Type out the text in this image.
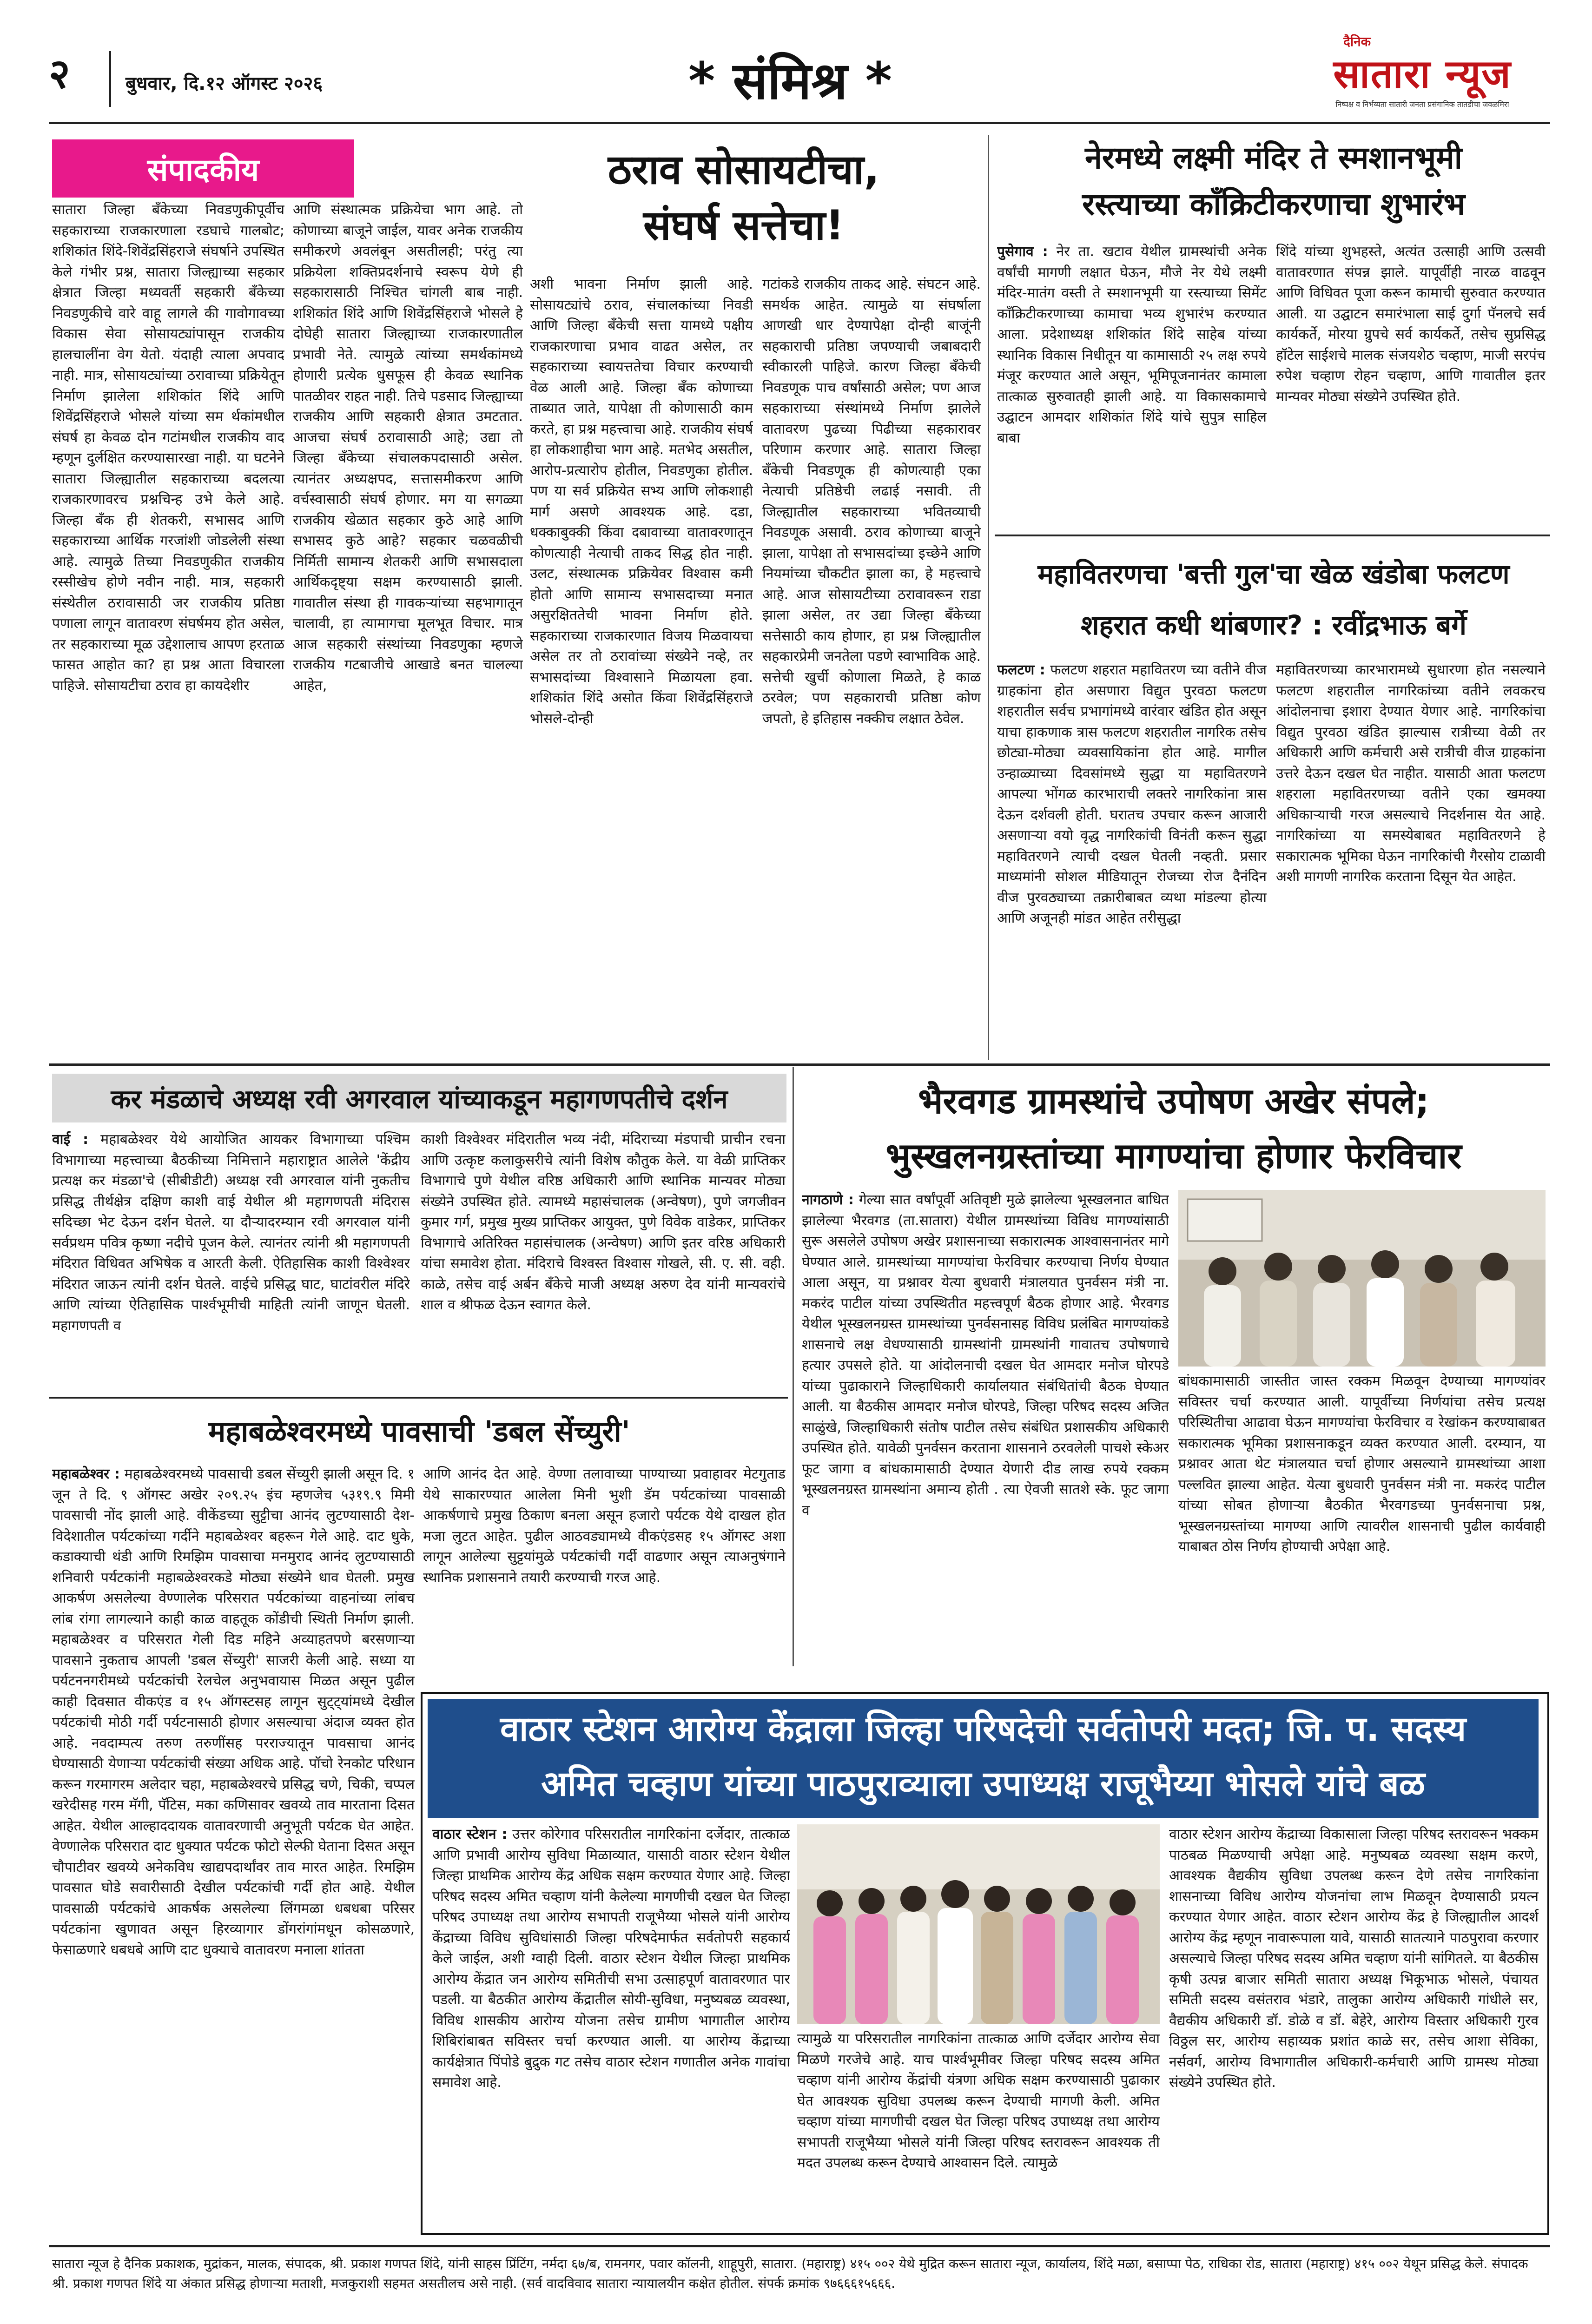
२	बुधवार, दि.१२ ऑगस्ट २०२६	* संमिश्र *
दैनिक
सातारा न्यूज
निष्पक्ष व निर्भय्यता सातारी जनता प्रसंगानिक तातडीचा जवळमिरा
संपादकीय	ठराव सोसायटीचा,
संघर्ष सत्तेचा!
सातारा जिल्हा बँकेच्या निवडणुकीपूर्वीच सहकाराच्या राजकारणाला रडघाचे गालबोट; शशिकांत शिंदे-शिवेंद्रसिंहराजे संघर्षाने उपस्थित केले गंभीर प्रश्न, सातारा जिल्ह्याच्या सहकार क्षेत्रात जिल्हा मध्यवर्ती सहकारी बँकेच्या निवडणुकीचे वारे वाहू लागले की गावोगावच्या विकास सेवा सोसायट्यांपासून राजकीय हालचालींना वेग येतो. यंदाही त्याला अपवाद नाही. मात्र, सोसायट्यांच्या ठरावाच्या प्रक्रियेतून निर्माण झालेला शशिकांत शिंदे आणि शिवेंद्रसिंहराजे भोसले यांच्या सम र्थकांमधील संघर्ष हा केवळ दोन गटांमधील राजकीय वाद म्हणून दुर्लक्षित करण्यासारखा नाही. या घटनेने सातारा जिल्ह्यातील सहकाराच्या बदलत्या राजकारणावरच प्रश्नचिन्ह उभे केले आहे. जिल्हा बँक ही शेतकरी, सभासद आणि सहकाराच्या आर्थिक गरजांशी जोडलेली संस्था आहे. त्यामुळे तिच्या निवडणुकीत राजकीय रस्सीखेच होणे नवीन नाही. मात्र, सहकारी संस्थेतील ठरावासाठी जर राजकीय प्रतिष्ठा पणाला लागून वातावरण संघर्षमय होत असेल, तर सहकाराच्या मूळ उद्देशालाच आपण हरताळ फासत आहोत का? हा प्रश्न आता विचारला पाहिजे. सोसायटीचा ठराव हा कायदेशीर
आणि संस्थात्मक प्रक्रियेचा भाग आहे. तो कोणाच्या बाजूने जाईल, यावर अनेक राजकीय समीकरणे अवलंबून असतीलही; परंतु त्या प्रक्रियेला शक्तिप्रदर्शनाचे स्वरूप येणे ही सहकारासाठी निश्चित चांगली बाब नाही. शशिकांत शिंदे आणि शिवेंद्रसिंहराजे भोसले हे दोघेही सातारा जिल्ह्याच्या राजकारणातील प्रभावी नेते. त्यामुळे त्यांच्या समर्थकांमध्ये होणारी प्रत्येक धुसफूस ही केवळ स्थानिक पातळीवर राहत नाही. तिचे पडसाद जिल्ह्याच्या राजकीय आणि सहकारी क्षेत्रात उमटतात. आजचा संघर्ष ठरावासाठी आहे; उद्या तो जिल्हा बँकेच्या संचालकपदासाठी असेल. त्यानंतर अध्यक्षपद, सत्तासमीकरण आणि वर्चस्वासाठी संघर्ष होणार. मग या सगळ्या राजकीय खेळात सहकार कुठे आहे आणि सभासद कुठे आहे? सहकार चळवळीची निर्मिती सामान्य शेतकरी आणि सभासदाला आर्थिकदृष्ट्या सक्षम करण्यासाठी झाली. गावातील संस्था ही गावकऱ्यांच्या सहभागातून चालावी, हा त्यामागचा मूलभूत विचार. मात्र आज सहकारी संस्थांच्या निवडणुका म्हणजे राजकीय गटबाजीचे आखाडे बनत चालल्या आहेत,
अशी भावना निर्माण झाली आहे. सोसायट्यांचे ठराव, संचालकांच्या निवडी आणि जिल्हा बँकेची सत्ता यामध्ये पक्षीय राजकारणाचा प्रभाव वाढत असेल, तर सहकाराच्या स्वायत्ततेचा विचार करण्याची वेळ आली आहे. जिल्हा बँक कोणाच्या ताब्यात जाते, यापेक्षा ती कोणासाठी काम करते, हा प्रश्न महत्त्वाचा आहे. राजकीय संघर्ष हा लोकशाहीचा भाग आहे. मतभेद असतील, आरोप-प्रत्यारोप होतील, निवडणुका होतील. पण या सर्व प्रक्रियेत सभ्य आणि लोकशाही मार्ग असणे आवश्यक आहे. दडा, धक्काबुक्की किंवा दबावाच्या वातावरणातून कोणत्याही नेत्याची ताकद सिद्ध होत नाही. उलट, संस्थात्मक प्रक्रियेवर विश्वास कमी होतो आणि सामान्य सभासदाच्या मनात असुरक्षिततेची भावना निर्माण होते. सहकाराच्या राजकारणात विजय मिळवायचा असेल तर तो ठरावांच्या संख्येने नव्हे, तर सभासदांच्या विश्वासाने मिळायला हवा. शशिकांत शिंदे असोत किंवा शिवेंद्रसिंहराजे भोसले-दोन्ही
गटांकडे राजकीय ताकद आहे. संघटन आहे. समर्थक आहेत. त्यामुळे या संघर्षाला आणखी धार देण्यापेक्षा दोन्ही बाजूंनी सहकाराची प्रतिष्ठा जपण्याची जबाबदारी स्वीकारली पाहिजे. कारण जिल्हा बँकेची निवडणूक पाच वर्षांसाठी असेल; पण आज सहकाराच्या संस्थांमध्ये निर्माण झालेले वातावरण पुढच्या पिढीच्या सहकारावर परिणाम करणार आहे. सातारा जिल्हा बँकेची निवडणूक ही कोणत्याही एका नेत्याची प्रतिष्ठेची लढाई नसावी. ती जिल्ह्यातील सहकाराच्या भवितव्याची निवडणूक असावी. ठराव कोणाच्या बाजूने झाला, यापेक्षा तो सभासदांच्या इच्छेने आणि नियमांच्या चौकटीत झाला का, हे महत्त्वाचे आहे. आज सोसायटीच्या ठरावावरून राडा झाला असेल, तर उद्या जिल्हा बँकेच्या सत्तेसाठी काय होणार, हा प्रश्न जिल्ह्यातील सहकारप्रेमी जनतेला पडणे स्वाभाविक आहे. सत्तेची खुर्ची कोणाला मिळते, हे काळ ठरवेल; पण सहकाराची प्रतिष्ठा कोण जपतो, हे इतिहास नक्कीच लक्षात ठेवेल.
नेरमध्ये लक्ष्मी मंदिर ते स्मशानभूमी
रस्त्याच्या काँक्रिटीकरणाचा शुभारंभ
पुसेगाव : नेर ता. खटाव येथील ग्रामस्थांची अनेक वर्षांची मागणी लक्षात घेऊन, मौजे नेर येथे लक्ष्मी मंदिर-मातंग वस्ती ते स्मशानभूमी या रस्त्याच्या सिमेंट काँक्रिटीकरणाच्या कामाचा भव्य शुभारंभ करण्यात आला. प्रदेशाध्यक्ष शशिकांत शिंदे साहेब यांच्या स्थानिक विकास निधीतून या कामासाठी २५ लक्ष रुपये मंजूर करण्यात आले असून, भूमिपूजनानंतर कामाला तात्काळ सुरुवातही झाली आहे. या विकासकामाचे उद्घाटन आमदार शशिकांत शिंदे यांचे सुपुत्र साहिल बाबा
शिंदे यांच्या शुभहस्ते, अत्यंत उत्साही आणि उत्सवी वातावरणात संपन्न झाले. यापूर्वीही नारळ वाढवून आणि विधिवत पूजा करून कामाची सुरुवात करण्यात आली. या उद्घाटन समारंभाला साई दुर्गा पॅनलचे सर्व कार्यकर्ते, मोरया ग्रुपचे सर्व कार्यकर्ते, तसेच सुप्रसिद्ध हॉटेल साईशचे मालक संजयशेठ चव्हाण, माजी सरपंच रुपेश चव्हाण रोहन चव्हाण, आणि गावातील इतर मान्यवर मोठ्या संख्येने उपस्थित होते.
महावितरणचा 'बत्ती गुल'चा खेळ खंडोबा फलटण
शहरात कधी थांबणार? : रवींद्रभाऊ बर्गे
फलटण : फलटण शहरात महावितरण च्या वतीने वीज ग्राहकांना होत असणारा विद्युत पुरवठा फलटण शहरातील सर्वच प्रभागांमध्ये वारंवार खंडित होत असून याचा हाकणाक त्रास फलटण शहरातील नागरिक तसेच छोट्या-मोठ्या व्यवसायिकांना होत आहे. मागील उन्हाळ्याच्या दिवसांमध्ये सुद्धा या महावितरणने आपल्या भोंगळ कारभाराची लक्तरे नागरिकांना त्रास देऊन दर्शवली होती. घरातच उपचार करून आजारी असणाऱ्या वयो वृद्ध नागरिकांची विनंती करून सुद्धा महावितरणने त्याची दखल घेतली नव्हती. प्रसार माध्यमांनी सोशल मीडियातून रोजच्या रोज दैनंदिन वीज पुरवठ्याच्या तक्रारीबाबत व्यथा मांडल्या होत्या आणि अजूनही मांडत आहेत तरीसुद्धा
महावितरणच्या कारभारामध्ये सुधारणा होत नसल्याने फलटण शहरातील नागरिकांच्या वतीने लवकरच आंदोलनाचा इशारा देण्यात येणार आहे. नागरिकांचा विद्युत पुरवठा खंडित झाल्यास रात्रीच्या वेळी तर अधिकारी आणि कर्मचारी असे रात्रीची वीज ग्राहकांना उत्तरे देऊन दखल घेत नाहीत. यासाठी आता फलटण शहराला महावितरणच्या वतीने एका खमक्या अधिकाऱ्याची गरज असल्याचे निदर्शनास येत आहे. नागरिकांच्या या समस्येबाबत महावितरणने हे सकारात्मक भूमिका घेऊन नागरिकांची गैरसोय टाळावी अशी मागणी नागरिक करताना दिसून येत आहेत.
कर मंडळाचे अध्यक्ष रवी अगरवाल यांच्याकडून महागणपतीचे दर्शन
वाई : महाबळेश्वर येथे आयोजित आयकर विभागाच्या पश्चिम विभागाच्या महत्त्वाच्या बैठकीच्या निमित्ताने महाराष्ट्रात आलेले 'केंद्रीय प्रत्यक्ष कर मंडळा'चे (सीबीडीटी) अध्यक्ष रवी अगरवाल यांनी नुकतीच प्रसिद्ध तीर्थक्षेत्र दक्षिण काशी वाई येथील श्री महागणपती मंदिरास सदिच्छा भेट देऊन दर्शन घेतले. या दौऱ्यादरम्यान रवी अगरवाल यांनी सर्वप्रथम पवित्र कृष्णा नदीचे पूजन केले. त्यानंतर त्यांनी श्री महागणपती मंदिरात विधिवत अभिषेक व आरती केली. ऐतिहासिक काशी विश्वेश्वर मंदिरात जाऊन त्यांनी दर्शन घेतले. वाईचे प्रसिद्ध घाट, घाटांवरील मंदिरे आणि त्यांच्या ऐतिहासिक पार्श्वभूमीची माहिती त्यांनी जाणून घेतली. महागणपती व
काशी विश्वेश्वर मंदिरातील भव्य नंदी, मंदिराच्या मंडपाची प्राचीन रचना आणि उत्कृष्ट कलाकुसरीचे त्यांनी विशेष कौतुक केले. या वेळी प्राप्तिकर विभागाचे पुणे येथील वरिष्ठ अधिकारी आणि स्थानिक मान्यवर मोठ्या संख्येने उपस्थित होते. त्यामध्ये महासंचालक (अन्वेषण), पुणे जगजीवन कुमार गर्ग, प्रमुख मुख्य प्राप्तिकर आयुक्त, पुणे विवेक वाडेकर, प्राप्तिकर विभागाचे अतिरिक्त महासंचालक (अन्वेषण) आणि इतर वरिष्ठ अधिकारी यांचा समावेश होता. मंदिराचे विश्वस्त विश्वास गोखले, सी. ए. सी. वही. काळे, तसेच वाई अर्बन बँकेचे माजी अध्यक्ष अरुण देव यांनी मान्यवरांचे शाल व श्रीफळ देऊन स्वागत केले.
महाबळेश्वरमध्ये पावसाची 'डबल सेंच्युरी'
महाबळेश्वर : महाबळेश्वरमध्ये पावसाची डबल सेंच्युरी झाली असून दि. १ जून ते दि. ९ ऑगस्ट अखेर २०९.२५ इंच म्हणजेच ५३१९.९ मिमी पावसाची नोंद झाली आहे. वीकेंडच्या सुट्टीचा आनंद लुटण्यासाठी देश-विदेशातील पर्यटकांच्या गर्दीने महाबळेश्वर बहरून गेले आहे. दाट धुके, कडाक्याची थंडी आणि रिमझिम पावसाचा मनमुराद आनंद लुटण्यासाठी शनिवारी पर्यटकांनी महाबळेश्वरकडे मोठ्या संख्येने धाव घेतली. प्रमुख आकर्षण असलेल्या वेण्णालेक परिसरात पर्यटकांच्या वाहनांच्या लांबच लांब रांगा लागल्याने काही काळ वाहतूक कोंडीची स्थिती निर्माण झाली. महाबळेश्वर व परिसरात गेली दिड महिने अव्याहतपणे बरसणाऱ्या पावसाने नुकताच आपली 'डबल सेंच्युरी' साजरी केली आहे. सध्या या पर्यटननगरीमध्ये पर्यटकांची रेलचेल अनुभवायास मिळत असून पुढील काही दिवसात वीकएंड व १५ ऑगस्टसह लागून सुट्ट्यांमध्ये देखील पर्यटकांची मोठी गर्दी पर्यटनासाठी होणार असल्याचा अंदाज व्यक्त होत आहे. नवदाम्पत्य तरुण तरुणींसह परराज्यातून पावसाचा आनंद घेण्यासाठी येणाऱ्या पर्यटकांची संख्या अधिक आहे. पॉचो रेनकोट परिधान करून गरमागरम अलेदार चहा, महाबळेश्वरचे प्रसिद्ध चणे, चिकी, चप्पल खरेदीसह गरम मॅगी, पॅटिस, मका कणिसावर खवय्ये ताव मारताना दिसत आहेत. येथील आल्हाददायक वातावरणाची अनुभूती पर्यटक घेत आहेत. वेण्णालेक परिसरात दाट धुक्यात पर्यटक फोटो सेल्फी घेताना दिसत असून चौपाटीवर खवय्ये अनेकविध खाद्यपदार्थांवर ताव मारत आहेत. रिमझिम पावसात घोडे सवारीसाठी देखील पर्यटकांची गर्दी होत आहे. येथील पावसाळी पर्यटकांचे आकर्षक असलेल्या लिंगमळा धबधबा परिसर पर्यटकांना खुणावत असून हिरव्यागार डोंगरांगांमधून कोसळणारे, फेसाळणारे धबधबे आणि दाट धुक्याचे वातावरण मनाला शांतता
आणि आनंद देत आहे. वेण्णा तलावाच्या पाण्याच्या प्रवाहावर मेटगुताड येथे साकारण्यात आलेला मिनी भुशी डॅम पर्यटकांच्या पावसाळी आकर्षणाचे प्रमुख ठिकाण बनला असून हजारो पर्यटक येथे दाखल होत मजा लुटत आहेत. पुढील आठवड्यामध्ये वीकएंडसह १५ ऑगस्ट अशा लागून आलेल्या सुट्टयांमुळे पर्यटकांची गर्दी वाढणार असून त्याअनुषंगाने स्थानिक प्रशासनाने तयारी करण्याची गरज आहे.
भैरवगड ग्रामस्थांचे उपोषण अखेर संपले;
भुस्खलनग्रस्तांच्या मागण्यांचा होणार फेरविचार
नागठाणे : गेल्या सात वर्षांपूर्वी अतिवृष्टी मुळे झालेल्या भूस्खलनात बाधित झालेल्या भैरवगड (ता.सातारा) येथील ग्रामस्थांच्या विविध मागण्यांसाठी सुरू असलेले उपोषण अखेर प्रशासनाच्या सकारात्मक आश्वासनानंतर मागे घेण्यात आले. ग्रामस्थांच्या मागण्यांचा फेरविचार करण्याचा निर्णय घेण्यात आला असून, या प्रश्नावर येत्या बुधवारी मंत्रालयात पुनर्वसन मंत्री ना. मकरंद पाटील यांच्या उपस्थितीत महत्त्वपूर्ण बैठक होणार आहे. भैरवगड येथील भूस्खलनग्रस्त ग्रामस्थांच्या पुनर्वसनासह विविध प्रलंबित मागण्यांकडे शासनाचे लक्ष वेधण्यासाठी ग्रामस्थांनी ग्रामस्थांनी गावातच उपोषणाचे हत्यार उपसले होते. या आंदोलनाची दखल घेत आमदार मनोज घोरपडे यांच्या पुढाकाराने जिल्हाधिकारी कार्यालयात संबंधितांची बैठक घेण्यात आली. या बैठकीस आमदार मनोज घोरपडे, जिल्हा परिषद सदस्य अजित साळुंखे, जिल्हाधिकारी संतोष पाटील तसेच संबंधित प्रशासकीय अधिकारी उपस्थित होते. यावेळी पुनर्वसन करताना शासनाने ठरवलेली पाचशे स्केअर फूट जागा व बांधकामासाठी देण्यात येणारी दीड लाख रुपये रक्कम भूस्खलनग्रस्त ग्रामस्थांना अमान्य होती . त्या ऐवजी सातशे स्के. फूट जागा व
बांधकामासाठी जास्तीत जास्त रक्कम मिळवून देण्याच्या मागण्यांवर सविस्तर चर्चा करण्यात आली. यापूर्वीच्या निर्णयांचा तसेच प्रत्यक्ष परिस्थितीचा आढावा घेऊन मागण्यांचा फेरविचार व रेखांकन करण्याबाबत सकारात्मक भूमिका प्रशासनाकडून व्यक्त करण्यात आली. दरम्यान, या प्रश्नावर आता थेट मंत्रालयात चर्चा होणार असल्याने ग्रामस्थांच्या आशा पल्लवित झाल्या आहेत. येत्या बुधवारी पुनर्वसन मंत्री ना. मकरंद पाटील यांच्या सोबत होणाऱ्या बैठकीत भैरवगडच्या पुनर्वसनाचा प्रश्न, भूस्खलनग्रस्तांच्या मागण्या आणि त्यावरील शासनाची पुढील कार्यवाही याबाबत ठोस निर्णय होण्याची अपेक्षा आहे.
वाठार स्टेशन आरोग्य केंद्राला जिल्हा परिषदेची सर्वतोपरी मदत; जि. प. सदस्य
अमित चव्हाण यांच्या पाठपुराव्याला उपाध्यक्ष राजूभैय्या भोसले यांचे बळ
वाठार स्टेशन : उत्तर कोरेगाव परिसरातील नागरिकांना दर्जेदार, तात्काळ आणि प्रभावी आरोग्य सुविधा मिळाव्यात, यासाठी वाठार स्टेशन येथील जिल्हा प्राथमिक आरोग्य केंद्र अधिक सक्षम करण्यात येणार आहे. जिल्हा परिषद सदस्य अमित चव्हाण यांनी केलेल्या मागणीची दखल घेत जिल्हा परिषद उपाध्यक्ष तथा आरोग्य सभापती राजूभैय्या भोसले यांनी आरोग्य केंद्राच्या विविध सुविधांसाठी जिल्हा परिषदेमार्फत सर्वतोपरी सहकार्य केले जाईल, अशी ग्वाही दिली. वाठार स्टेशन येथील जिल्हा प्राथमिक आरोग्य केंद्रात जन आरोग्य समितीची सभा उत्साहपूर्ण वातावरणात पार पडली. या बैठकीत आरोग्य केंद्रातील सोयी-सुविधा, मनुष्यबळ व्यवस्था, विविध शासकीय आरोग्य योजना तसेच ग्रामीण भागातील आरोग्य शिबिरांबाबत सविस्तर चर्चा करण्यात आली. या आरोग्य केंद्राच्या कार्यक्षेत्रात पिंपोडे बुद्रुक गट तसेच वाठार स्टेशन गणातील अनेक गावांचा समावेश आहे.
त्यामुळे या परिसरातील नागरिकांना तात्काळ आणि दर्जेदार आरोग्य सेवा मिळणे गरजेचे आहे. याच पार्श्वभूमीवर जिल्हा परिषद सदस्य अमित चव्हाण यांनी आरोग्य केंद्रांची यंत्रणा अधिक सक्षम करण्यासाठी पुढाकार घेत आवश्यक सुविधा उपलब्ध करून देण्याची मागणी केली. अमित चव्हाण यांच्या मागणीची दखल घेत जिल्हा परिषद उपाध्यक्ष तथा आरोग्य सभापती राजूभैय्या भोसले यांनी जिल्हा परिषद स्तरावरून आवश्यक ती मदत उपलब्ध करून देण्याचे आश्वासन दिले. त्यामुळे
वाठार स्टेशन आरोग्य केंद्राच्या विकासाला जिल्हा परिषद स्तरावरून भक्कम पाठबळ मिळण्याची अपेक्षा आहे. मनुष्यबळ व्यवस्था सक्षम करणे, आवश्यक वैद्यकीय सुविधा उपलब्ध करून देणे तसेच नागरिकांना शासनाच्या विविध आरोग्य योजनांचा लाभ मिळवून देण्यासाठी प्रयत्न करण्यात येणार आहेत. वाठार स्टेशन आरोग्य केंद्र हे जिल्ह्यातील आदर्श आरोग्य केंद्र म्हणून नावारूपाला यावे, यासाठी सातत्याने पाठपुरावा करणार असल्याचे जिल्हा परिषद सदस्य अमित चव्हाण यांनी सांगितले. या बैठकीस कृषी उत्पन्न बाजार समिती सातारा अध्यक्ष भिकूभाऊ भोसले, पंचायत समिती सदस्य वसंतराव भंडारे, तालुका आरोग्य अधिकारी गांधीले सर, वैद्यकीय अधिकारी डॉ. डोळे व डॉ. बेहेरे, आरोग्य विस्तार अधिकारी गुरव विठ्ठल सर, आरोग्य सहाय्यक प्रशांत काळे सर, तसेच आशा सेविका, नर्सवर्ग, आरोग्य विभागातील अधिकारी-कर्मचारी आणि ग्रामस्थ मोठ्या संख्येने उपस्थित होते.
सातारा न्यूज हे दैनिक प्रकाशक, मुद्रांकन, मालक, संपादक, श्री. प्रकाश गणपत शिंदे, यांनी साहस प्रिंटिंग, नर्मदा ६७/ब, रामनगर, पवार कॉलनी, शाहूपुरी, सातारा. (महाराष्ट्र) ४१५ ००२ येथे मुद्रित करून सातारा न्यूज, कार्यालय, शिंदे मळा, बसाप्पा पेठ, राधिका रोड, सातारा (महाराष्ट्र) ४१५ ००२ येथून प्रसिद्ध केले. संपादक श्री. प्रकाश गणपत शिंदे या अंकात प्रसिद्ध होणाऱ्या मताशी, मजकुराशी सहमत असतीलच असे नाही. (सर्व वादविवाद सातारा न्यायालयीन कक्षेत होतील. संपर्क क्रमांक ९७६६६१५६६६.
